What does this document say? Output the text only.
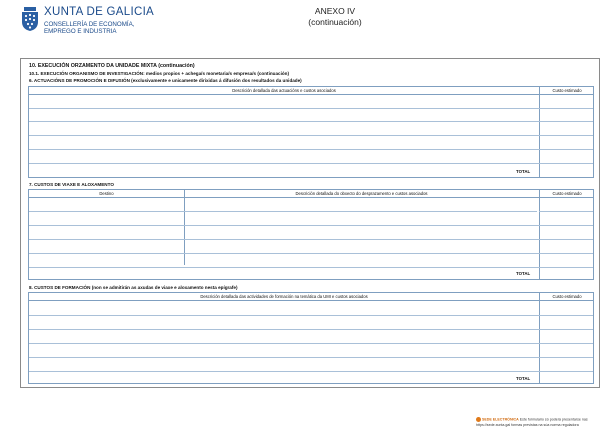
XUNTA DE GALICIA
CONSELLERÍA DE ECONOMÍA,
EMPREGO E INDUSTRIA
ANEXO IV
(continuación)
10. EXECUCIÓN ORZAMENTO DA UNIDADE MIXTA (continuación)
10.1. EXECUCIÓN ORGANISMO DE INVESTIGACIÓN: medios propios + achega/s monetaria/s empresa/s (continuación)
6. ACTUACIÓNS DE PROMOCIÓN E DIFUSIÓN (exclusivamente e unicamente dirixidas á difusión dos resultados da unidade)
Descrición detallada das actuacións e custos asociados	Custo estimado
TOTAL
7. CUSTOS DE VIAXE E ALOXAMENTO
Destino	Descrición detallada do obxecto do desprazamento e custos asociados	Custo estimado
TOTAL
8. CUSTOS DE FORMACIÓN (non se admitirán as axudas de viaxe e aloxamento nesta epígrafe)
Descrición detallada das actividades de formación na temática da UMI e custos asociados	Custo estimado
TOTAL
SEDE ELECTRÓNICA Este formulario só poderá presentarse nas
https://sede.xunta.gal formas previstas na súa norma reguladora
